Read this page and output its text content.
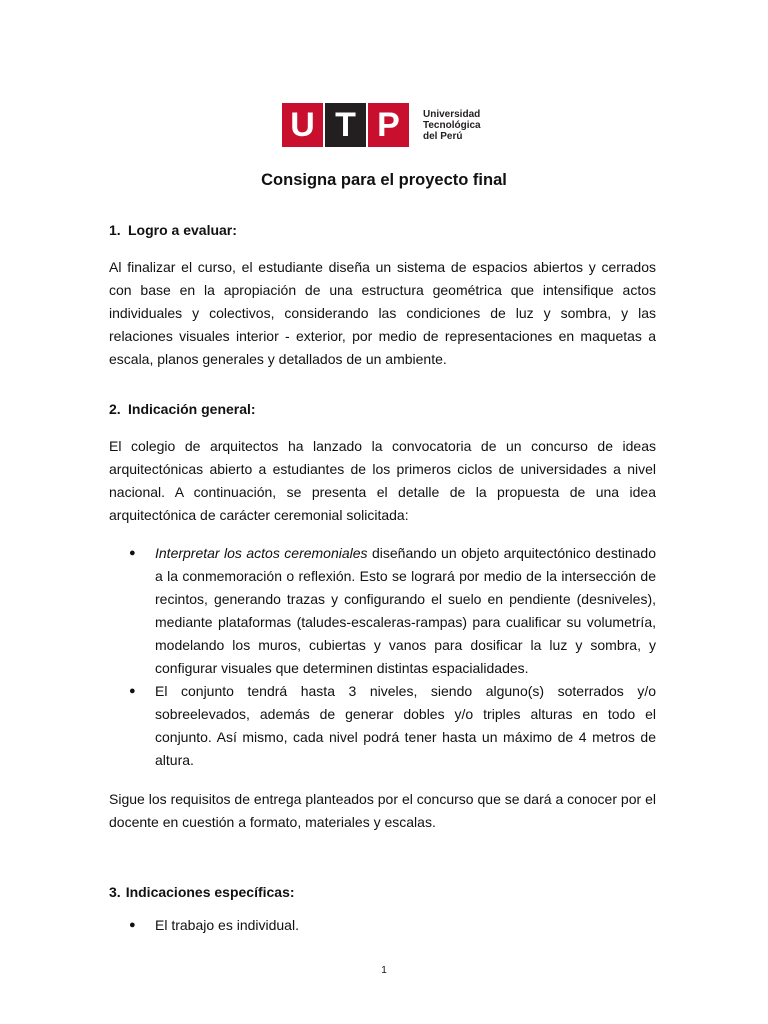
U T P	Universidad
Tecnológica
del Perú
Consigna para el proyecto final
1. Logro a evaluar:
Al finalizar el curso, el estudiante diseña un sistema de espacios abiertos y cerrados con base en la apropiación de una estructura geométrica que intensifique actos individuales y colectivos, considerando las condiciones de luz y sombra, y las relaciones visuales interior - exterior, por medio de representaciones en maquetas a escala, planos generales y detallados de un ambiente.
2. Indicación general:
El colegio de arquitectos ha lanzado la convocatoria de un concurso de ideas arquitectónicas abierto a estudiantes de los primeros ciclos de universidades a nivel nacional. A continuación, se presenta el detalle de la propuesta de una idea arquitectónica de carácter ceremonial solicitada:
● Interpretar los actos ceremoniales diseñando un objeto arquitectónico destinado a la conmemoración o reflexión. Esto se logrará por medio de la intersección de recintos, generando trazas y configurando el suelo en pendiente (desniveles), mediante plataformas (taludes-escaleras-rampas) para cualificar su volumetría, modelando los muros, cubiertas y vanos para dosificar la luz y sombra, y configurar visuales que determinen distintas espacialidades.
● El conjunto tendrá hasta 3 niveles, siendo alguno(s) soterrados y/o sobreelevados, además de generar dobles y/o triples alturas en todo el conjunto. Así mismo, cada nivel podrá tener hasta un máximo de 4 metros de altura.
Sigue los requisitos de entrega planteados por el concurso que se dará a conocer por el docente en cuestión a formato, materiales y escalas.
3. Indicaciones específicas:
● El trabajo es individual.
1
